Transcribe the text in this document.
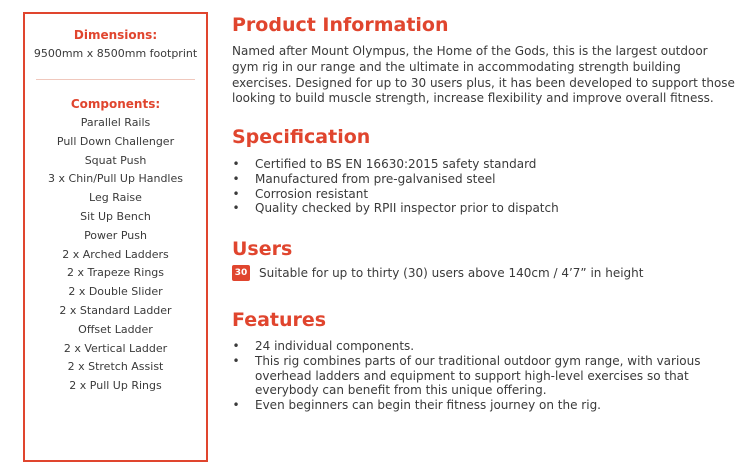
Dimensions:
9500mm x 8500mm footprint
Components:
Parallel Rails
Pull Down Challenger
Squat Push
3 x Chin/Pull Up Handles
Leg Raise
Sit Up Bench
Power Push
2 x Arched Ladders
2 x Trapeze Rings
2 x Double Slider
2 x Standard Ladder
Offset Ladder
2 x Vertical Ladder
2 x Stretch Assist
2 x Pull Up Rings
Product Information

Named after Mount Olympus, the Home of the Gods, this is the largest outdoor gym rig in our range and the ultimate in accommodating strength building exercises. Designed for up to 30 users plus, it has been developed to support those looking to build muscle strength, increase flexibility and improve overall fitness.

Specification
• Certified to BS EN 16630:2015 safety standard
• Manufactured from pre-galvanised steel
• Corrosion resistant
• Quality checked by RPII inspector prior to dispatch
Users
30 Suitable for up to thirty (30) users above 140cm / 4’7” in height
Features
• 24 individual components.
• This rig combines parts of our traditional outdoor gym range, with various overhead ladders and equipment to support high-level exercises so that everybody can benefit from this unique offering.
• Even beginners can begin their fitness journey on the rig.
